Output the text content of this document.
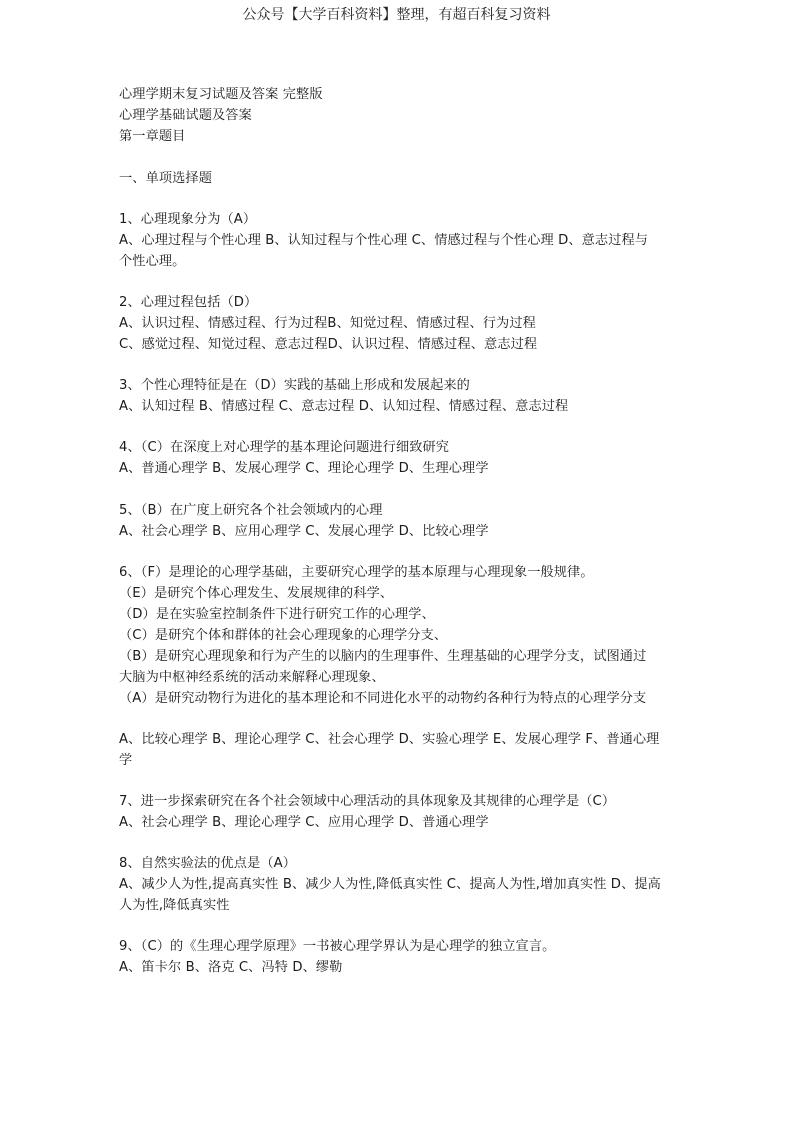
公众号【大学百科资料】整理，有超百科复习资料
心理学期末复习试题及答案 完整版
心理学基础试题及答案
第一章题目
一、单项选择题
1、心理现象分为（A）
A、心理过程与个性心理 B、认知过程与个性心理 C、情感过程与个性心理 D、意志过程与
个性心理。
2、心理过程包括（D）
A、认识过程、情感过程、行为过程B、知觉过程、情感过程、行为过程
C、感觉过程、知觉过程、意志过程D、认识过程、情感过程、意志过程
3、个性心理特征是在（D）实践的基础上形成和发展起来的
A、认知过程 B、情感过程 C、意志过程 D、认知过程、情感过程、意志过程
4、（C）在深度上对心理学的基本理论问题进行细致研究
A、普通心理学 B、发展心理学 C、理论心理学 D、生理心理学
5、（B）在广度上研究各个社会领域内的心理
A、社会心理学 B、应用心理学 C、发展心理学 D、比较心理学
6、（F）是理论的心理学基础，主要研究心理学的基本原理与心理现象一般规律。
（E）是研究个体心理发生、发展规律的科学、
（D）是在实验室控制条件下进行研究工作的心理学、
（C）是研究个体和群体的社会心理现象的心理学分支、
（B）是研究心理现象和行为产生的以脑内的生理事件、生理基础的心理学分支，试图通过
大脑为中枢神经系统的活动来解释心理现象、
（A）是研究动物行为进化的基本理论和不同进化水平的动物约各种行为特点的心理学分支
A、比较心理学 B、理论心理学 C、社会心理学 D、实验心理学 E、发展心理学 F、普通心理
学
7、进一步探索研究在各个社会领域中心理活动的具体现象及其规律的心理学是（C）
A、社会心理学 B、理论心理学 C、应用心理学 D、普通心理学
8、自然实验法的优点是（A）
A、减少人为性,提高真实性 B、减少人为性,降低真实性 C、提高人为性,增加真实性 D、提高
人为性,降低真实性
9、（C）的《生理心理学原理》一书被心理学界认为是心理学的独立宣言。
A、笛卡尔 B、洛克 C、冯特 D、缪勒
